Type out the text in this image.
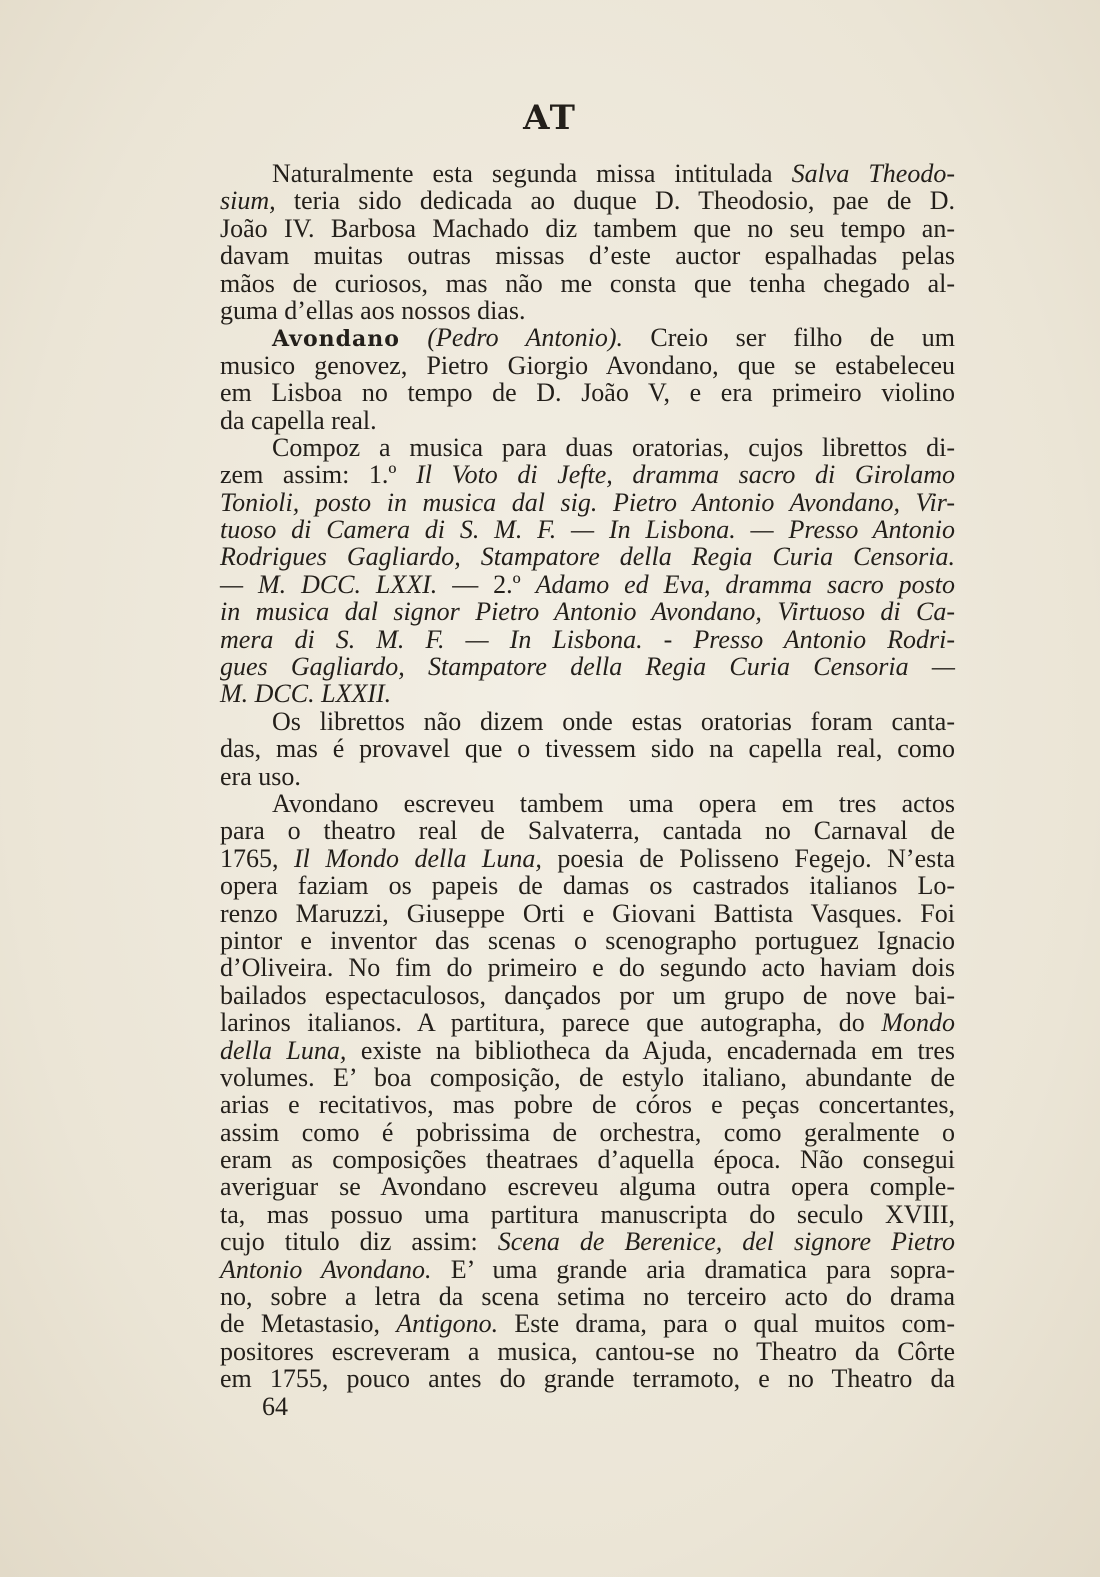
AT
Naturalmente esta segunda missa intitulada Salva Theodo-
sium, teria sido dedicada ao duque D. Theodosio, pae de D.
João IV. Barbosa Machado diz tambem que no seu tempo an-
davam muitas outras missas d’este auctor espalhadas pelas
mãos de curiosos, mas não me consta que tenha chegado al-
guma d’ellas aos nossos dias.
Avondano (Pedro Antonio). Creio ser filho de um
musico genovez, Pietro Giorgio Avondano, que se estabeleceu
em Lisboa no tempo de D. João V, e era primeiro violino
da capella real.
Compoz a musica para duas oratorias, cujos librettos di-
zem assim: 1.º Il Voto di Jefte, dramma sacro di Girolamo
Tonioli, posto in musica dal sig. Pietro Antonio Avondano, Vir-
tuoso di Camera di S. M. F. — In Lisbona. — Presso Antonio
Rodrigues Gagliardo, Stampatore della Regia Curia Censoria.
— M. DCC. LXXI. — 2.º Adamo ed Eva, dramma sacro posto
in musica dal signor Pietro Antonio Avondano, Virtuoso di Ca-
mera di S. M. F. — In Lisbona. - Presso Antonio Rodri-
gues Gagliardo, Stampatore della Regia Curia Censoria —
M. DCC. LXXII.
Os librettos não dizem onde estas oratorias foram canta-
das, mas é provavel que o tivessem sido na capella real, como
era uso.
Avondano escreveu tambem uma opera em tres actos
para o theatro real de Salvaterra, cantada no Carnaval de
1765, Il Mondo della Luna, poesia de Polisseno Fegejo. N’esta
opera faziam os papeis de damas os castrados italianos Lo-
renzo Maruzzi, Giuseppe Orti e Giovani Battista Vasques. Foi
pintor e inventor das scenas o scenographo portuguez Ignacio
d’Oliveira. No fim do primeiro e do segundo acto haviam dois
bailados espectaculosos, dançados por um grupo de nove bai-
larinos italianos. A partitura, parece que autographa, do Mondo
della Luna, existe na bibliotheca da Ajuda, encadernada em tres
volumes. E’ boa composição, de estylo italiano, abundante de
arias e recitativos, mas pobre de córos e peças concertantes,
assim como é pobrissima de orchestra, como geralmente o
eram as composições theatraes d’aquella época. Não consegui
averiguar se Avondano escreveu alguma outra opera comple-
ta, mas possuo uma partitura manuscripta do seculo XVIII,
cujo titulo diz assim: Scena de Berenice, del signore Pietro
Antonio Avondano. E’ uma grande aria dramatica para sopra-
no, sobre a letra da scena setima no terceiro acto do drama
de Metastasio, Antigono. Este drama, para o qual muitos com-
positores escreveram a musica, cantou-se no Theatro da Côrte
em 1755, pouco antes do grande terramoto, e no Theatro da
64
